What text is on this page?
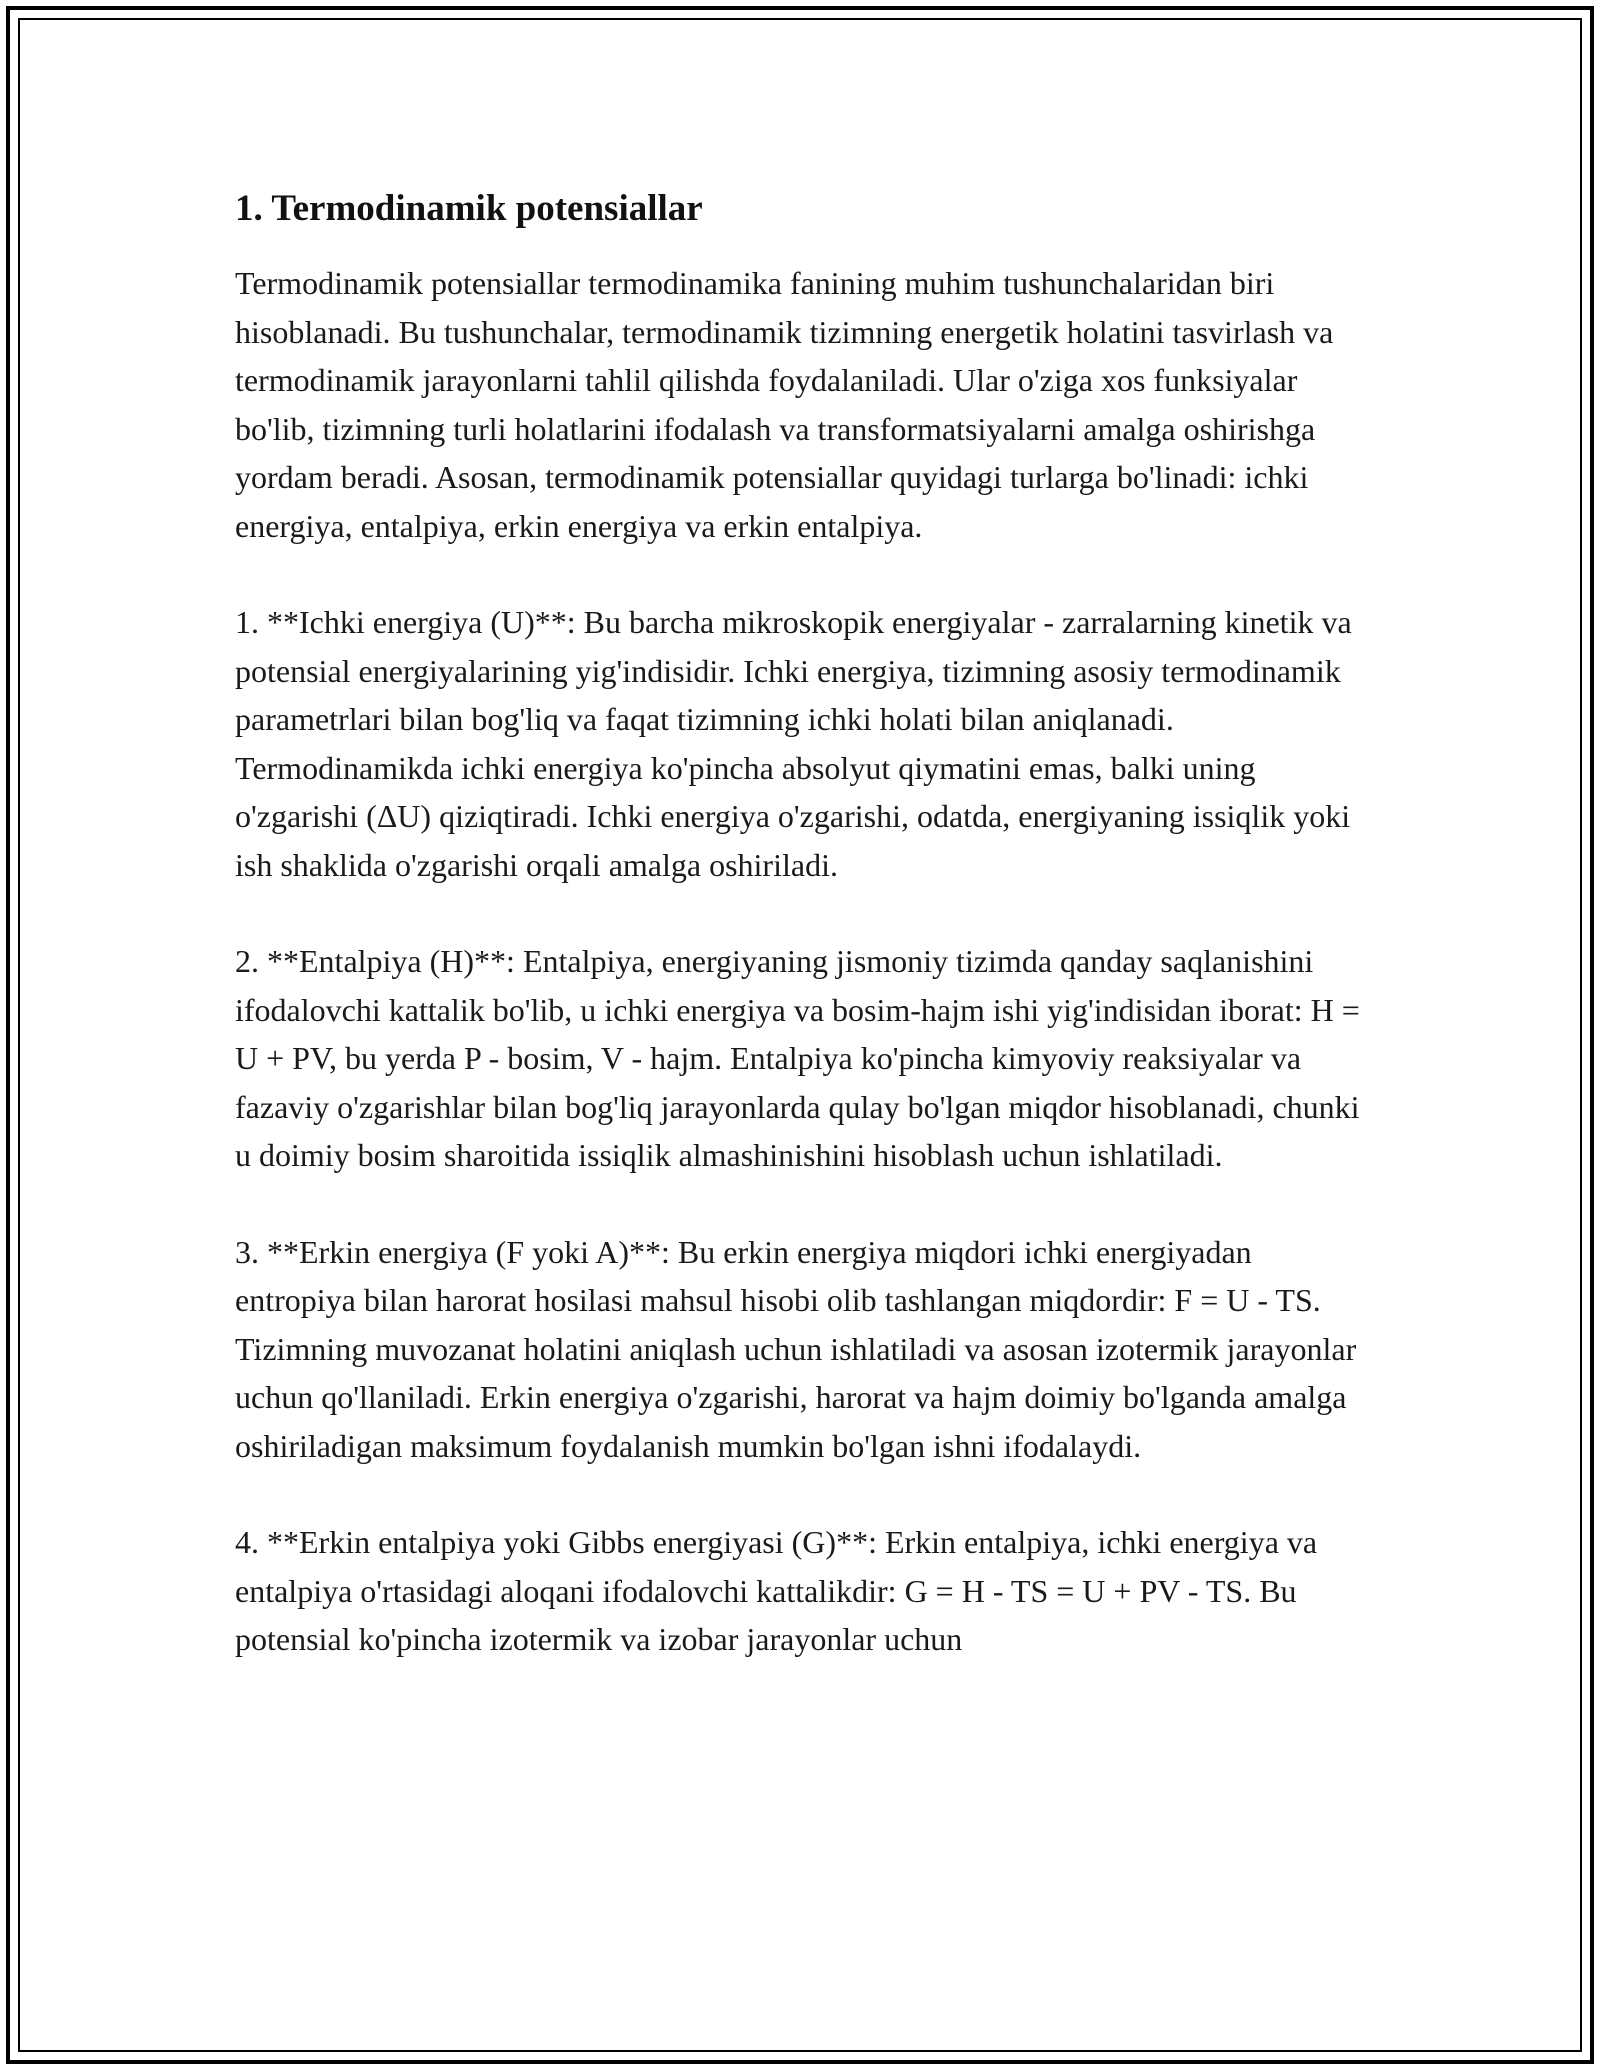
1. Termodinamik potensiallar

Termodinamik potensiallar termodinamika fanining muhim tushunchalaridan biri hisoblanadi. Bu tushunchalar, termodinamik tizimning energetik holatini tasvirlash va termodinamik jarayonlarni tahlil qilishda foydalaniladi. Ular o'ziga xos funksiyalar bo'lib, tizimning turli holatlarini ifodalash va transformatsiyalarni amalga oshirishga yordam beradi. Asosan, termodinamik potensiallar quyidagi turlarga bo'linadi: ichki energiya, entalpiya, erkin energiya va erkin entalpiya.

1. **Ichki energiya (U)**: Bu barcha mikroskopik energiyalar - zarralarning kinetik va potensial energiyalarining yig'indisidir. Ichki energiya, tizimning asosiy termodinamik parametrlari bilan bog'liq va faqat tizimning ichki holati bilan aniqlanadi. Termodinamikda ichki energiya ko'pincha absolyut qiymatini emas, balki uning o'zgarishi (ΔU) qiziqtiradi. Ichki energiya o'zgarishi, odatda, energiyaning issiqlik yoki ish shaklida o'zgarishi orqali amalga oshiriladi.

2. **Entalpiya (H)**: Entalpiya, energiyaning jismoniy tizimda qanday saqlanishini ifodalovchi kattalik bo'lib, u ichki energiya va bosim-hajm ishi yig'indisidan iborat: H = U + PV, bu yerda P - bosim, V - hajm. Entalpiya ko'pincha kimyoviy reaksiyalar va fazaviy o'zgarishlar bilan bog'liq jarayonlarda qulay bo'lgan miqdor hisoblanadi, chunki u doimiy bosim sharoitida issiqlik almashinishini hisoblash uchun ishlatiladi.

3. **Erkin energiya (F yoki A)**: Bu erkin energiya miqdori ichki energiyadan entropiya bilan harorat hosilasi mahsul hisobi olib tashlangan miqdordir: F = U - TS. Tizimning muvozanat holatini aniqlash uchun ishlatiladi va asosan izotermik jarayonlar uchun qo'llaniladi. Erkin energiya o'zgarishi, harorat va hajm doimiy bo'lganda amalga oshiriladigan maksimum foydalanish mumkin bo'lgan ishni ifodalaydi.

4. **Erkin entalpiya yoki Gibbs energiyasi (G)**: Erkin entalpiya, ichki energiya va entalpiya o'rtasidagi aloqani ifodalovchi kattalikdir: G = H - TS = U + PV - TS. Bu potensial ko'pincha izotermik va izobar jarayonlar uchun
